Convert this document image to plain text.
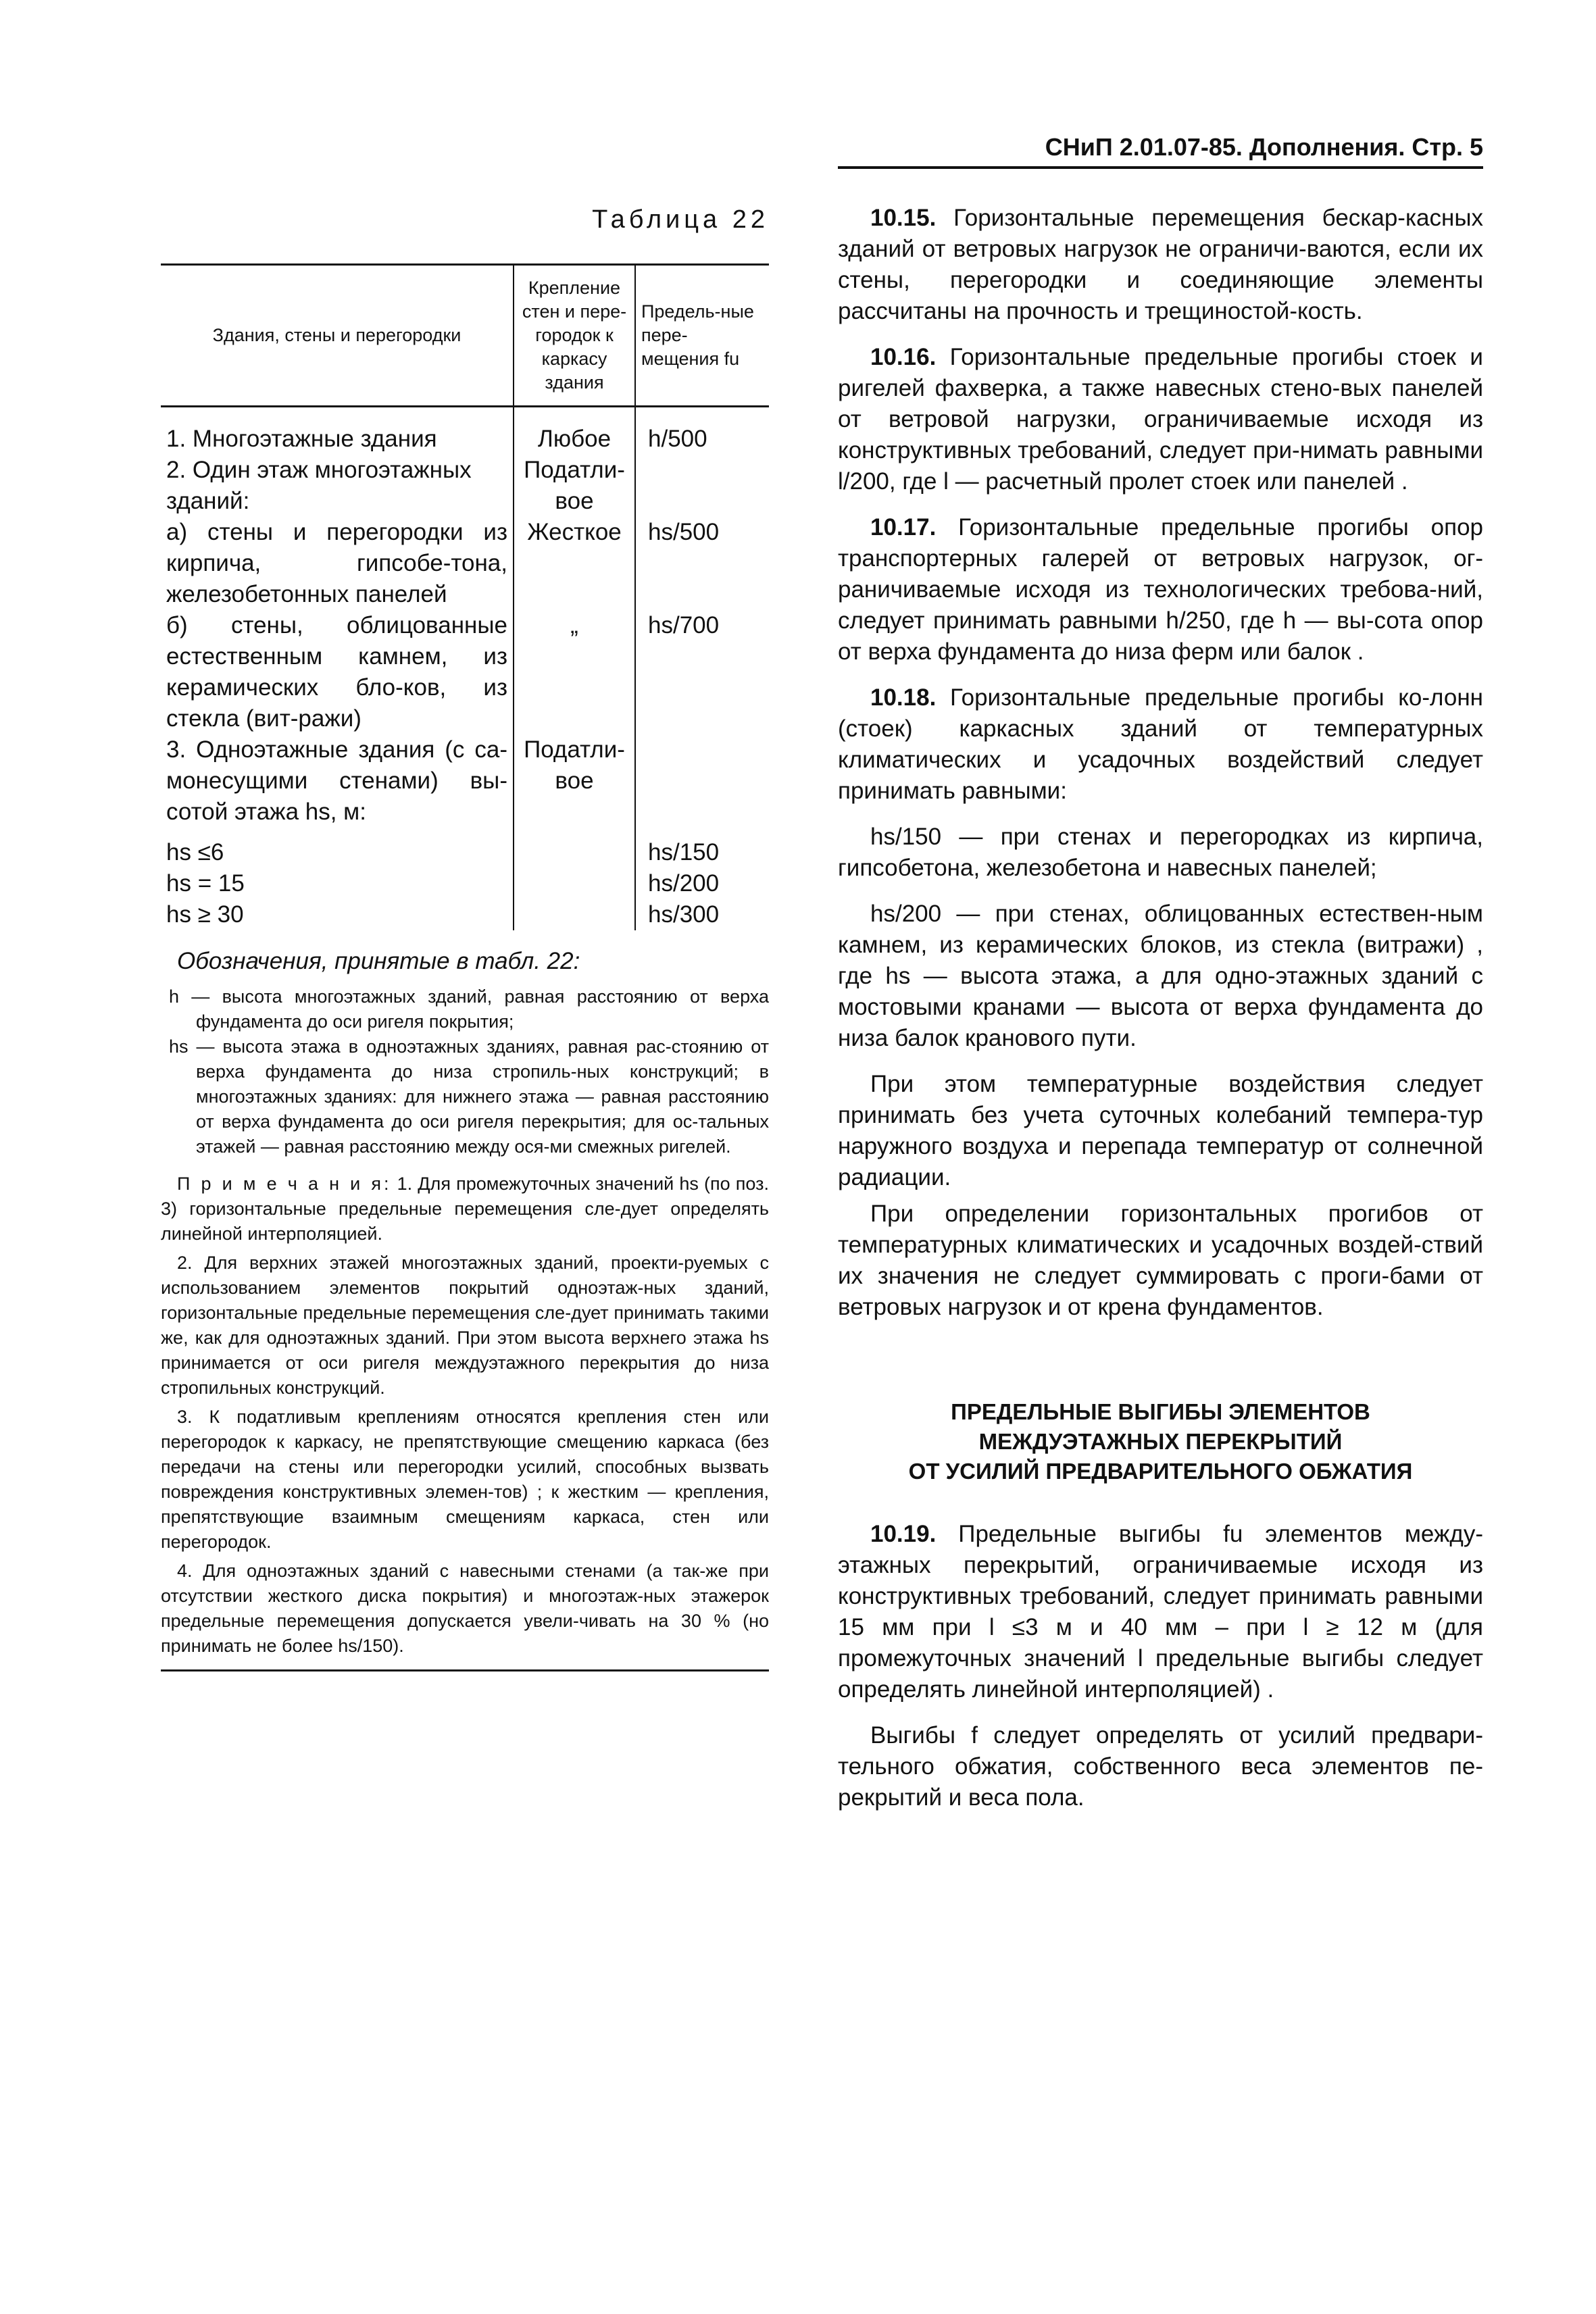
СНиП 2.01.07-85. Дополнения. Стр. 5
Таблица 22
Здания, стены и перегородки	Крепление стен и пере-городок к каркасу здания	Предель-ные пере-мещения fu
1. Многоэтажные здания	Любое	h/500
2. Один этаж многоэтажных зданий:	Податли-вое	
а) стены и перегородки из кирпича, гипсобе-тона, железобетонных панелей	Жесткое	hs/500
б) стены, облицованные естественным камнем, из керамических бло-ков, из стекла (вит-ражи)	„	hs/700
3. Одноэтажные здания (с са-монесущими стенами) вы-сотой этажа hs, м:	Податли-вое	
hs ≤6		hs/150
hs = 15		hs/200
hs ≥ 30		hs/300
Обозначения, принятые в табл. 22:

h — высота многоэтажных зданий, равная расстоянию от верха фундамента до оси ригеля покрытия;

hs — высота этажа в одноэтажных зданиях, равная рас-стоянию от верха фундамента до низа стропиль-ных конструкций; в многоэтажных зданиях: для нижнего этажа — равная расстоянию от верха фундамента до оси ригеля перекрытия; для ос-тальных этажей — равная расстоянию между ося-ми смежных ригелей.

П р и м е ч а н и я: 1. Для промежуточных значений hs (по поз. 3) горизонтальные предельные перемещения сле-дует определять линейной интерполяцией.

2. Для верхних этажей многоэтажных зданий, проекти-руемых с использованием элементов покрытий одноэтаж-ных зданий, горизонтальные предельные перемещения сле-дует принимать такими же, как для одноэтажных зданий. При этом высота верхнего этажа hs принимается от оси ригеля междуэтажного перекрытия до низа стропильных конструкций.

3. К податливым креплениям относятся крепления стен или перегородок к каркасу, не препятствующие смещению каркаса (без передачи на стены или перегородки усилий, способных вызвать повреждения конструктивных элемен-тов) ; к жестким — крепления, препятствующие взаимным смещениям каркаса, стен или перегородок.

4. Для одноэтажных зданий с навесными стенами (а так-же при отсутствии жесткого диска покрытия) и многоэтаж-ных этажерок предельные перемещения допускается увели-чивать на 30 % (но принимать не более hs/150).

10.15. Горизонтальные перемещения бескар-касных зданий от ветровых нагрузок не ограничи-ваются, если их стены, перегородки и соединяющие элементы рассчитаны на прочность и трещиностой-кость.

10.16. Горизонтальные предельные прогибы стоек и ригелей фахверка, а также навесных стено-вых панелей от ветровой нагрузки, ограничиваемые исходя из конструктивных требований, следует при-нимать равными l/200, где l — расчетный пролет стоек или панелей .

10.17. Горизонтальные предельные прогибы опор транспортерных галерей от ветровых нагрузок, ог-раничиваемые исходя из технологических требова-ний, следует принимать равными h/250, где h — вы-сота опор от верха фундамента до низа ферм или балок .

10.18. Горизонтальные предельные прогибы ко-лонн (стоек) каркасных зданий от температурных климатических и усадочных воздействий следует принимать равными:

hs/150 — при стенах и перегородках из кирпича, гипсобетона, железобетона и навесных панелей;

hs/200 — при стенах, облицованных естествен-ным камнем, из керамических блоков, из стекла (витражи) , где hs — высота этажа, а для одно-этажных зданий с мостовыми кранами — высота от верха фундамента до низа балок кранового пути.

При этом температурные воздействия следует принимать без учета суточных колебаний темпера-тур наружного воздуха и перепада температур от солнечной радиации.

При определении горизонтальных прогибов от температурных климатических и усадочных воздей-ствий их значения не следует суммировать с проги-бами от ветровых нагрузок и от крена фундаментов.

ПРЕДЕЛЬНЫЕ ВЫГИБЫ ЭЛЕМЕНТОВ
МЕЖДУЭТАЖНЫХ ПЕРЕКРЫТИЙ
ОТ УСИЛИЙ ПРЕДВАРИТЕЛЬНОГО ОБЖАТИЯ

10.19. Предельные выгибы fu элементов между-этажных перекрытий, ограничиваемые исходя из конструктивных требований, следует принимать равными 15 мм при l ≤3 м и 40 мм – при l ≥ 12 м (для промежуточных значений l предельные выгибы следует определять линейной интерполяцией) .

Выгибы f следует определять от усилий предвари-тельного обжатия, собственного веса элементов пе-рекрытий и веса пола.
